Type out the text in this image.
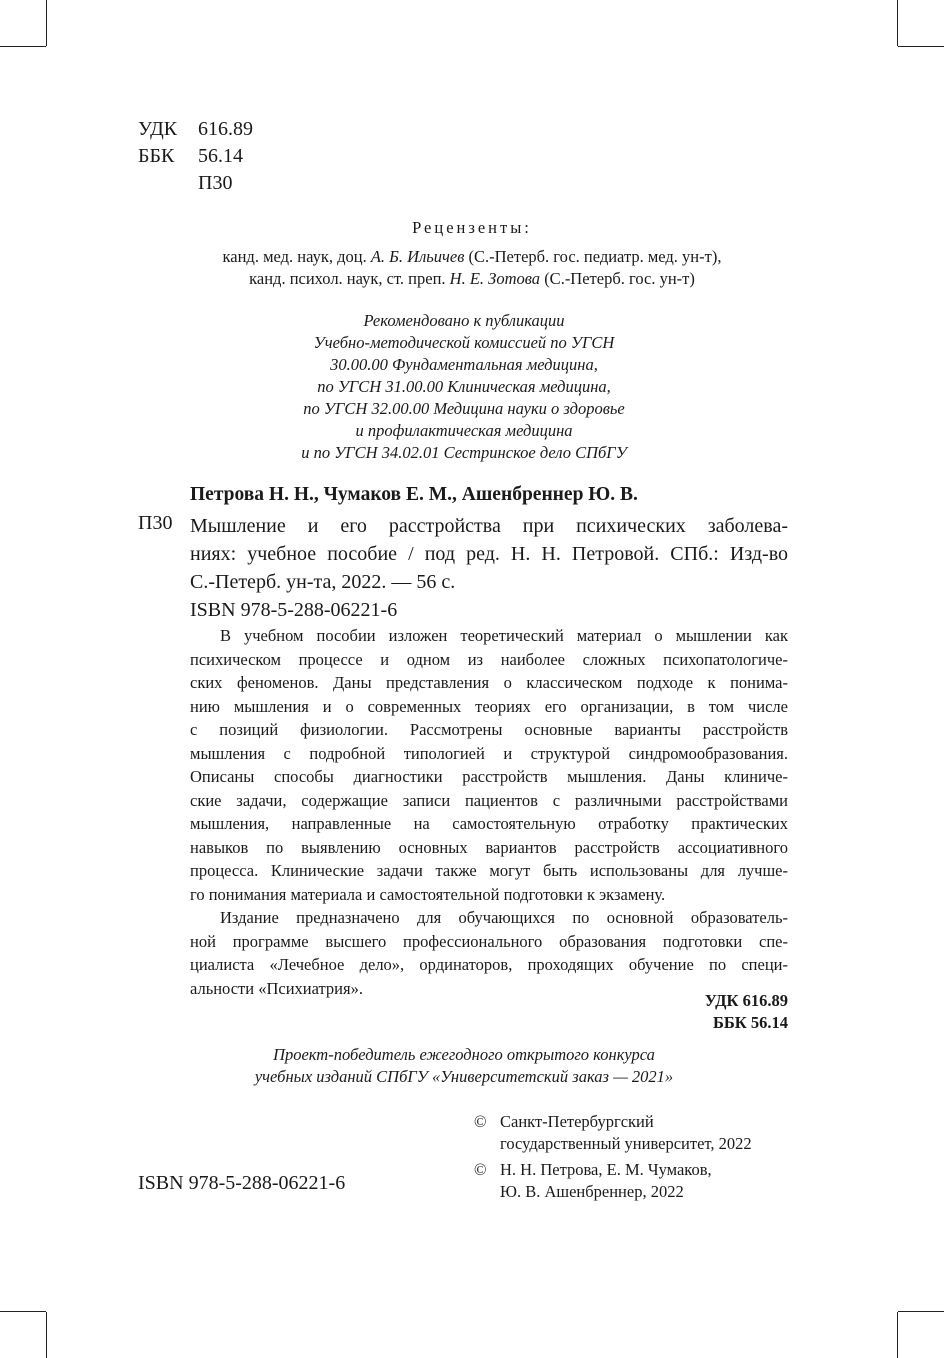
УДК	616.89
ББК	56.14
П30
Рецензенты:
канд. мед. наук, доц. А. Б. Ильичев (С.-Петерб. гос. педиатр. мед. ун-т),
канд. психол. наук, ст. преп. Н. Е. Зотова (С.-Петерб. гос. ун-т)
Рекомендовано к публикации
Учебно-методической комиссией по УГСН
30.00.00 Фундаментальная медицина,
по УГСН 31.00.00 Клиническая медицина,
по УГСН 32.00.00 Медицина науки о здоровье
и профилактическая медицина
и по УГСН 34.02.01 Сестринское дело СПбГУ
Петрова Н. Н., Чумаков Е. М., Ашенбреннер Ю. В.
П30 Мышление и его расстройства при психических заболева-

ниях: учебное пособие / под ред. Н. Н. Петровой. СПб.: Изд-во

С.-Петерб. ун-та, 2022. — 56 с.

ISBN 978-5-288-06221-6

В учебном пособии изложен теоретический материал о мышлении как
психическом процессе и одном из наиболее сложных психопатологиче-
ских феноменов. Даны представления о классическом подходе к понима-
нию мышления и о современных теориях его организации, в том числе
с позиций физиологии. Рассмотрены основные варианты расстройств
мышления с подробной типологией и структурой синдромообразования.
Описаны способы диагностики расстройств мышления. Даны клиниче-
ские задачи, содержащие записи пациентов с различными расстройствами
мышления, направленные на самостоятельную отработку практических
навыков по выявлению основных вариантов расстройств ассоциативного
процесса. Клинические задачи также могут быть использованы для лучше-
го понимания материала и самостоятельной подготовки к экзамену.
Издание предназначено для обучающихся по основной образователь-
ной программе высшего профессионального образования подготовки спе-
циалиста «Лечебное дело», ординаторов, проходящих обучение по специ-
альности «Психиатрия».
УДК 616.89
ББК 56.14
Проект-победитель ежегодного открытого конкурса
учебных изданий СПбГУ «Университетский заказ — 2021»
© Санкт-Петербургский
государственный университет, 2022
© Н. Н. Петрова, Е. М. Чумаков,
Ю. В. Ашенбреннер, 2022
ISBN 978-5-288-06221-6
